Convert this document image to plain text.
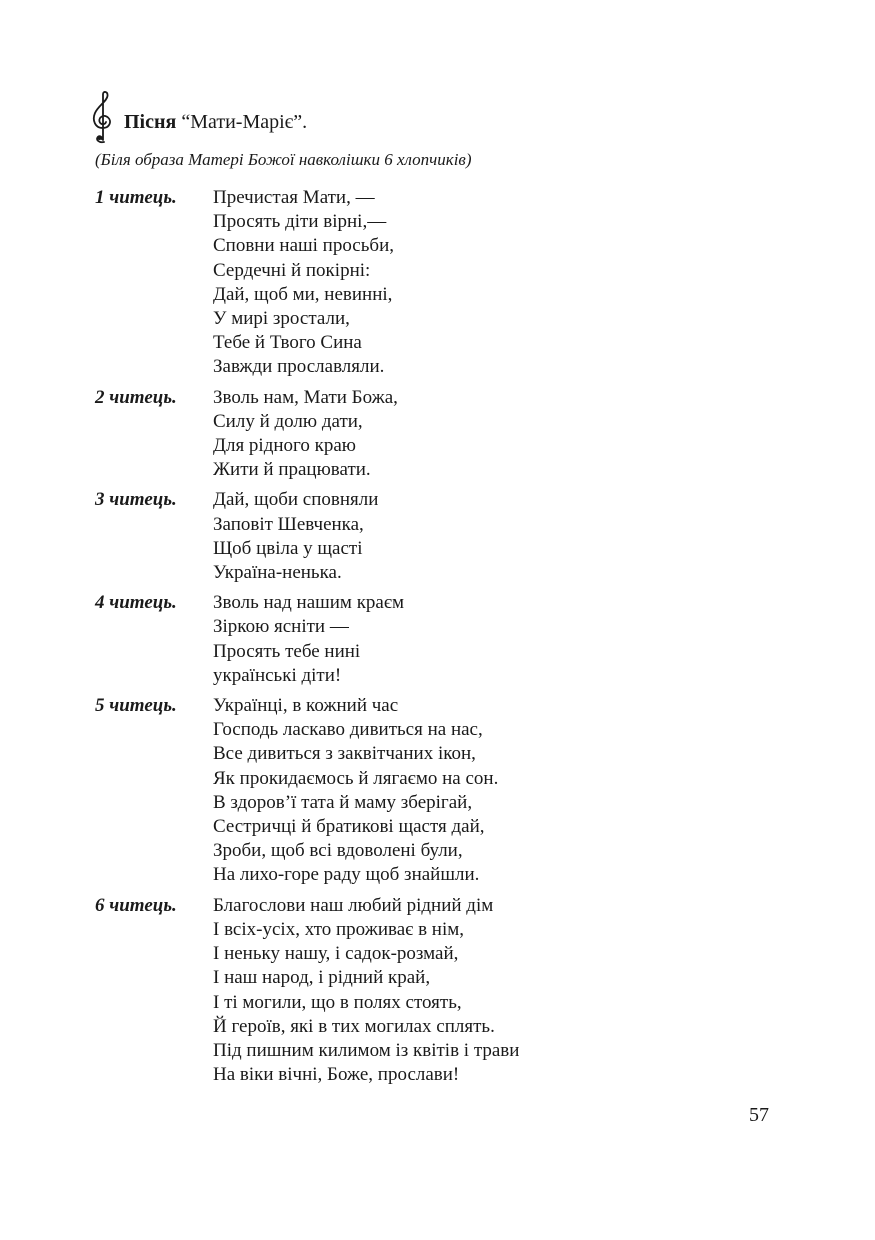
Пісня “Мати-Маріє”.
(Біля образа Матері Божої навколішки 6 хлопчиків)
1 читець.	Пречистая Мати, —
Просять діти вірні,—
Сповни наші просьби,
Сердечні й покірні:
Дай, щоб ми, невинні,
У мирі зростали,
Тебе й Твого Сина
Завжди прославляли.
2 читець.	Зволь нам, Мати Божа,
Силу й долю дати,
Для рідного краю
Жити й працювати.
3 читець.	Дай, щоби сповняли
Заповіт Шевченка,
Щоб цвіла у щасті
Україна-ненька.
4 читець.	Зволь над нашим краєм
Зіркою ясніти —
Просять тебе нині
українські діти!
5 читець.	Українці, в кожний час
Господь ласкаво дивиться на нас,
Все дивиться з заквітчаних ікон,
Як прокидаємось й лягаємо на сон.
В здоров’ї тата й маму зберігай,
Сестричці й братикові щастя дай,
Зроби, щоб всі вдоволені були,
На лихо-горе раду щоб знайшли.
6 читець.	Благослови наш любий рідний дім
І всіх-усіх, хто проживає в нім,
І неньку нашу, і садок-розмай,
І наш народ, і рідний край,
І ті могили, що в полях стоять,
Й героїв, які в тих могилах сплять.
Під пишним килимом із квітів і трави
На віки вічні, Боже, прослави!
57
